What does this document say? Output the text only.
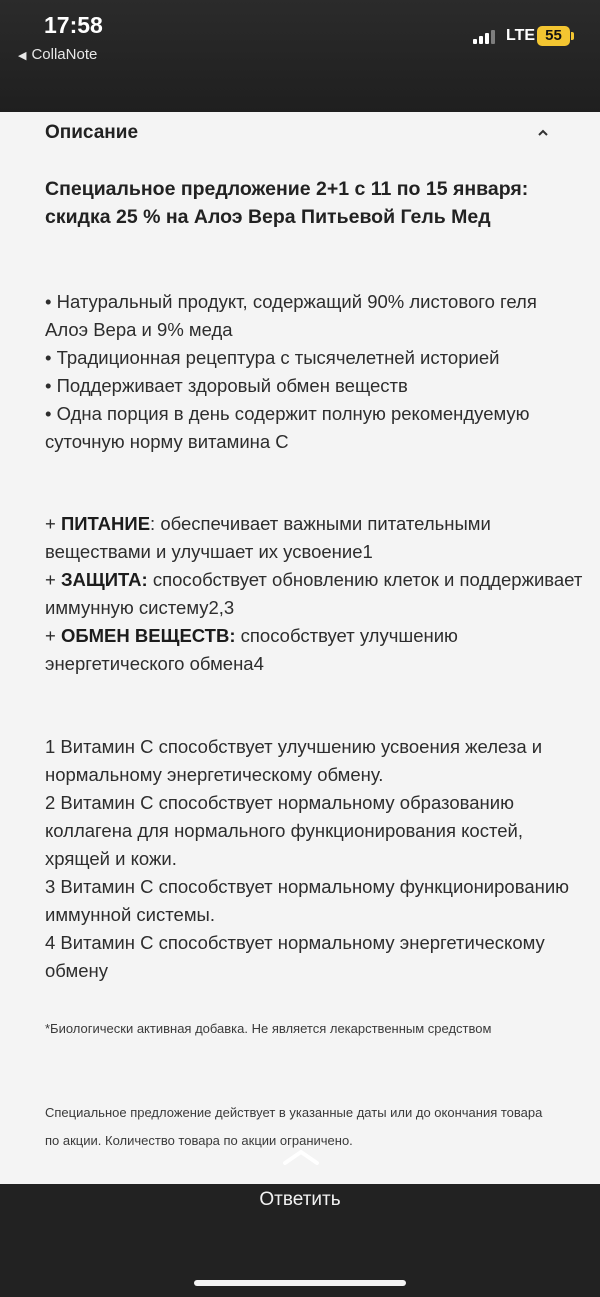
17:58
◀ CollaNote
LTE 55
Описание
Специальное предложение 2+1 с 11 по 15 января: скидка 25 % на Алоэ Вера Питьевой Гель Мед

• Натуральный продукт, содержащий 90% листового геля Алоэ Вера и 9% меда

• Традиционная рецептура с тысячелетней историей

• Поддерживает здоровый обмен веществ

• Одна порция в день содержит полную рекомендуемую суточную норму витамина С

+ ПИТАНИЕ: обеспечивает важными питательными веществами и улучшает их усвоение1

+ ЗАЩИТА: способствует обновлению клеток и поддерживает иммунную систему2,3

+ ОБМЕН ВЕЩЕСТВ: способствует улучшению энергетического обмена4

1 Витамин С способствует улучшению усвоения железа и нормальному энергетическому обмену.

2 Витамин С способствует нормальному образованию коллагена для нормального функционирования костей, хрящей и кожи.

3 Витамин С способствует нормальному функционированию иммунной системы.

4 Витамин С способствует нормальному энергетическому обмену

*Биологически активная добавка. Не является лекарственным средством
Специальное предложение действует в указанные даты или до окончания товара по акции. Количество товара по акции ограничено.
Ответить
